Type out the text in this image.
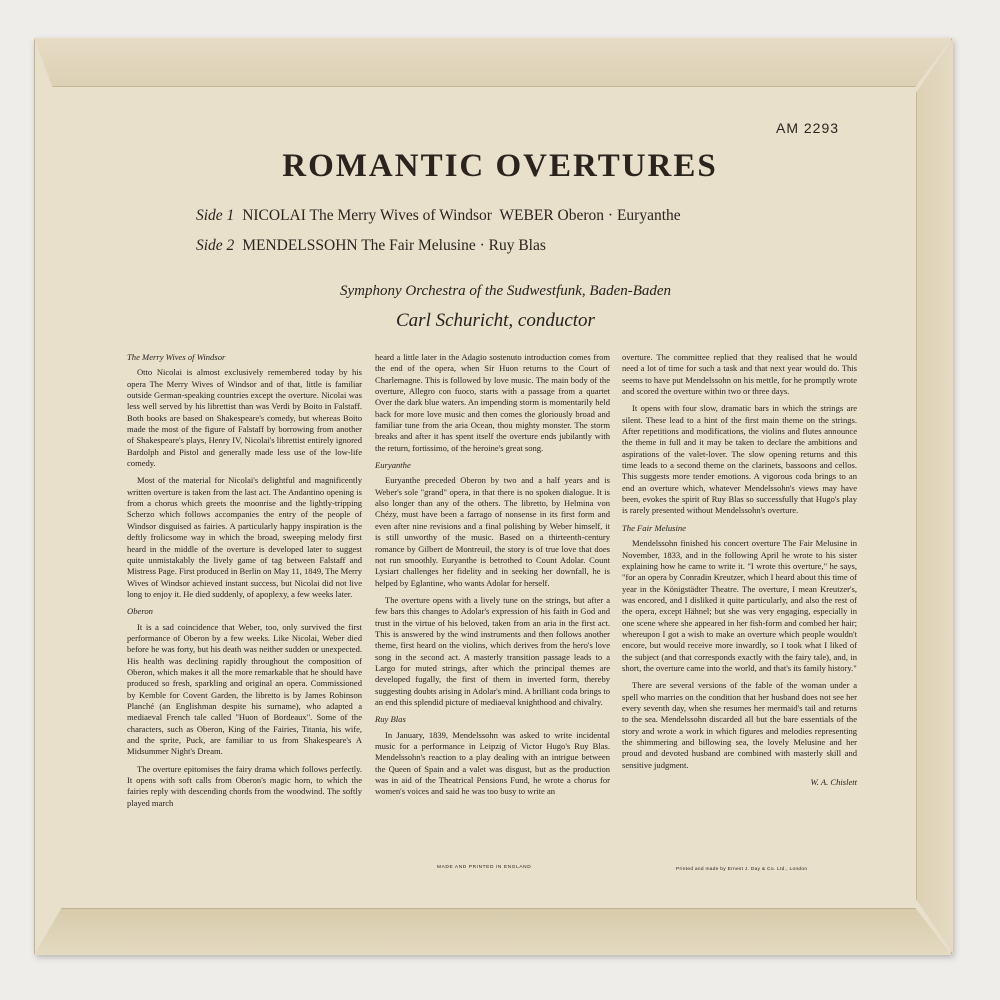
AM 2293
ROMANTIC OVERTURES
Side 1 NICOLAI The Merry Wives of Windsor WEBER Oberon · Euryanthe
Side 2 MENDELSSOHN The Fair Melusine · Ruy Blas
Symphony Orchestra of the Sudwestfunk, Baden-Baden
Carl Schuricht, conductor
The Merry Wives of Windsor

Otto Nicolai is almost exclusively remembered today by his opera The Merry Wives of Windsor and of that, little is familiar outside German-speaking countries except the overture. Nicolai was less well served by his librettist than was Verdi by Boito in Falstaff. Both books are based on Shakespeare's comedy, but whereas Boito made the most of the figure of Falstaff by borrowing from another of Shakespeare's plays, Henry IV, Nicolai's librettist entirely ignored Bardolph and Pistol and generally made less use of the low-life comedy.

Most of the material for Nicolai's delightful and magnificently written overture is taken from the last act. The Andantino opening is from a chorus which greets the moonrise and the lightly-tripping Scherzo which follows accompanies the entry of the people of Windsor disguised as fairies. A particularly happy inspiration is the deftly frolicsome way in which the broad, sweeping melody first heard in the middle of the overture is developed later to suggest quite unmistakably the lively game of tag between Falstaff and Mistress Page. First produced in Berlin on May 11, 1849, The Merry Wives of Windsor achieved instant success, but Nicolai did not live long to enjoy it. He died suddenly, of apoplexy, a few weeks later.

Oberon

It is a sad coincidence that Weber, too, only survived the first performance of Oberon by a few weeks. Like Nicolai, Weber died before he was forty, but his death was neither sudden or unexpected. His health was declining rapidly throughout the composition of Oberon, which makes it all the more remarkable that he should have produced so fresh, sparkling and original an opera. Commissioned by Kemble for Covent Garden, the libretto is by James Robinson Planché (an Englishman despite his surname), who adapted a mediaeval French tale called "Huon of Bordeaux". Some of the characters, such as Oberon, King of the Fairies, Titania, his wife, and the sprite, Puck, are familiar to us from Shakespeare's A Midsummer Night's Dream.

The overture epitomises the fairy drama which follows perfectly. It opens with soft calls from Oberon's magic horn, to which the fairies reply with descending chords from the woodwind. The softly played march

heard a little later in the Adagio sostenuto introduction comes from the end of the opera, when Sir Huon returns to the Court of Charlemagne. This is followed by love music. The main body of the overture, Allegro con fuoco, starts with a passage from a quartet Over the dark blue waters. An impending storm is momentarily held back for more love music and then comes the gloriously broad and familiar tune from the aria Ocean, thou mighty monster. The storm breaks and after it has spent itself the overture ends jubilantly with the return, fortissimo, of the heroine's great song.

Euryanthe

Euryanthe preceded Oberon by two and a half years and is Weber's sole "grand" opera, in that there is no spoken dialogue. It is also longer than any of the others. The libretto, by Helmina von Chézy, must have been a farrago of nonsense in its first form and even after nine revisions and a final polishing by Weber himself, it is still unworthy of the music. Based on a thirteenth-century romance by Gilbert de Montreuil, the story is of true love that does not run smoothly. Euryanthe is betrothed to Count Adolar. Count Lysiart challenges her fidelity and in seeking her downfall, he is helped by Eglantine, who wants Adolar for herself.

The overture opens with a lively tune on the strings, but after a few bars this changes to Adolar's expression of his faith in God and trust in the virtue of his beloved, taken from an aria in the first act. This is answered by the wind instruments and then follows another theme, first heard on the violins, which derives from the hero's love song in the second act. A masterly transition passage leads to a Largo for muted strings, after which the principal themes are developed fugally, the first of them in inverted form, thereby suggesting doubts arising in Adolar's mind. A brilliant coda brings to an end this splendid picture of mediaeval knighthood and chivalry.

Ruy Blas

In January, 1839, Mendelssohn was asked to write incidental music for a performance in Leipzig of Victor Hugo's Ruy Blas. Mendelssohn's reaction to a play dealing with an intrigue between the Queen of Spain and a valet was disgust, but as the production was in aid of the Theatrical Pensions Fund, he wrote a chorus for women's voices and said he was too busy to write an

overture. The committee replied that they realised that he would need a lot of time for such a task and that next year would do. This seems to have put Mendelssohn on his mettle, for he promptly wrote and scored the overture within two or three days.

It opens with four slow, dramatic bars in which the strings are silent. These lead to a hint of the first main theme on the strings. After repetitions and modifications, the violins and flutes announce the theme in full and it may be taken to declare the ambitions and aspirations of the valet-lover. The slow opening returns and this time leads to a second theme on the clarinets, bassoons and cellos. This suggests more tender emotions. A vigorous coda brings to an end an overture which, whatever Mendelssohn's views may have been, evokes the spirit of Ruy Blas so successfully that Hugo's play is rarely presented without Mendelssohn's overture.

The Fair Melusine

Mendelssohn finished his concert overture The Fair Melusine in November, 1833, and in the following April he wrote to his sister explaining how he came to write it. "I wrote this overture," he says, "for an opera by Conradin Kreutzer, which I heard about this time of year in the Königstädter Theatre. The overture, I mean Kreutzer's, was encored, and I disliked it quite particularly, and also the rest of the opera, except Hähnel; but she was very engaging, especially in one scene where she appeared in her fish-form and combed her hair; whereupon I got a wish to make an overture which people wouldn't encore, but would receive more inwardly, so I took what I liked of the subject (and that corresponds exactly with the fairy tale), and, in short, the overture came into the world, and that's its family history."

There are several versions of the fable of the woman under a spell who marries on the condition that her husband does not see her every seventh day, when she resumes her mermaid's tail and returns to the sea. Mendelssohn discarded all but the bare essentials of the story and wrote a work in which figures and melodies representing the shimmering and billowing sea, the lovely Melusine and her proud and devoted husband are combined with masterly skill and sensitive judgment.

W. A. Chislett

MADE AND PRINTED IN ENGLAND	Printed and made by Ernest J. Day & Co. Ltd., London
